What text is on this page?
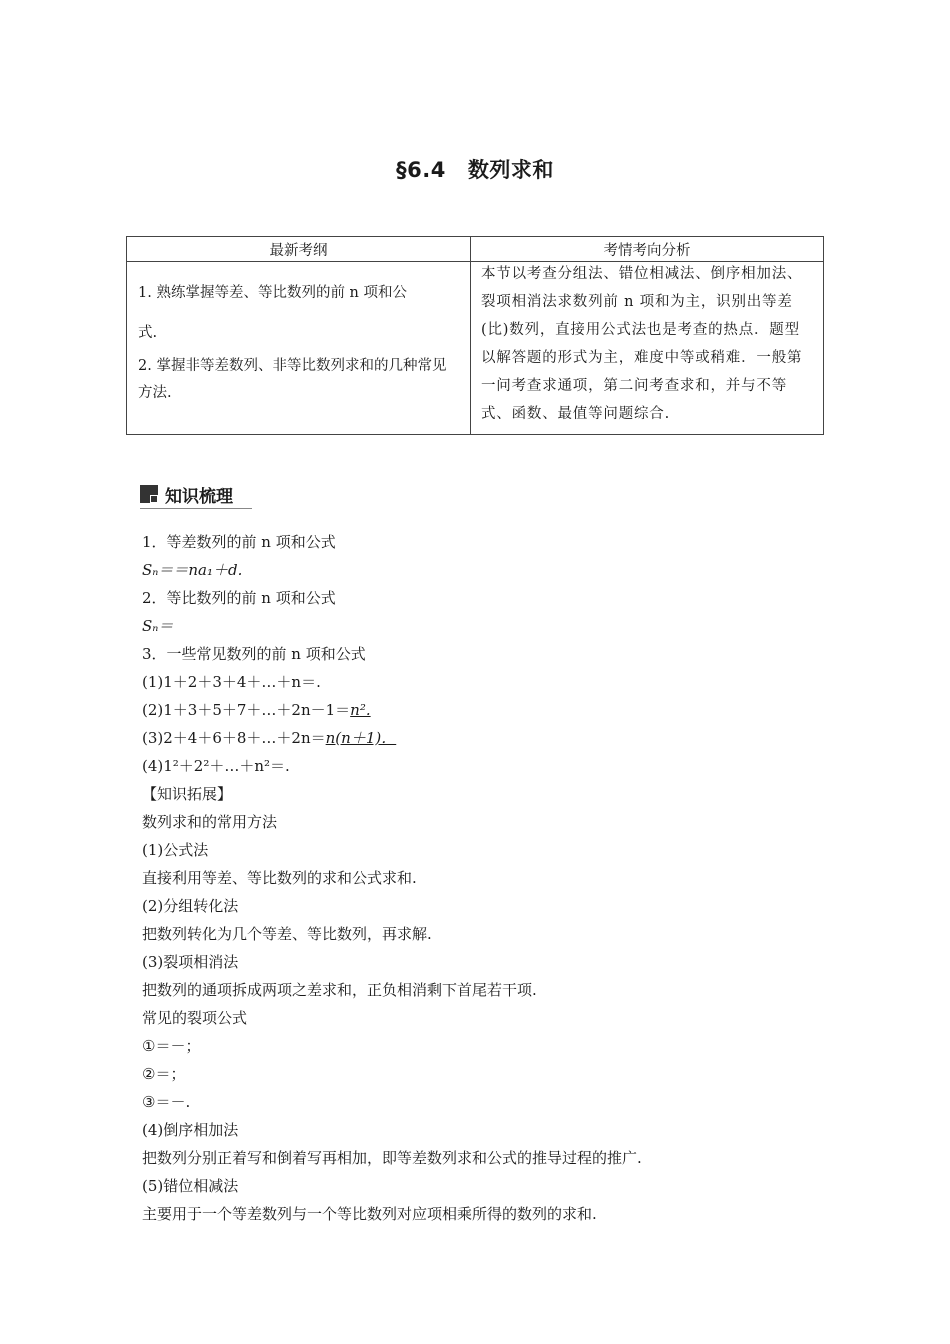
§6.4 数列求和
最新考纲	考情考向分析

1. 熟练掌握等差、等比数列的前 n 项和公
式.
2. 掌握非等差数列、非等比数列求和的几种常见方法.	本节以考查分组法、错位相减法、倒序相加法、裂项相消法求数列前 n 项和为主，识别出等差(比)数列，直接用公式法也是考查的热点．题型以解答题的形式为主，难度中等或稍难．一般第一问考查求通项，第二问考查求和，并与不等式、函数、最值等问题综合.
知识梳理
1．等差数列的前 n 项和公式
Sₙ＝＝na₁＋d.
2．等比数列的前 n 项和公式
Sₙ＝
3．一些常见数列的前 n 项和公式
(1)1＋2＋3＋4＋…＋n＝.
(2)1＋3＋5＋7＋…＋2n－1＝n².
(3)2＋4＋6＋8＋…＋2n＝n(n＋1)．
(4)1²＋2²＋…＋n²＝.
【知识拓展】
数列求和的常用方法
(1)公式法
直接利用等差、等比数列的求和公式求和.
(2)分组转化法
把数列转化为几个等差、等比数列，再求解.
(3)裂项相消法
把数列的通项拆成两项之差求和，正负相消剩下首尾若干项.
常见的裂项公式
①＝－；
②＝；
③＝－.
(4)倒序相加法
把数列分别正着写和倒着写再相加，即等差数列求和公式的推导过程的推广.
(5)错位相减法
主要用于一个等差数列与一个等比数列对应项相乘所得的数列的求和.
